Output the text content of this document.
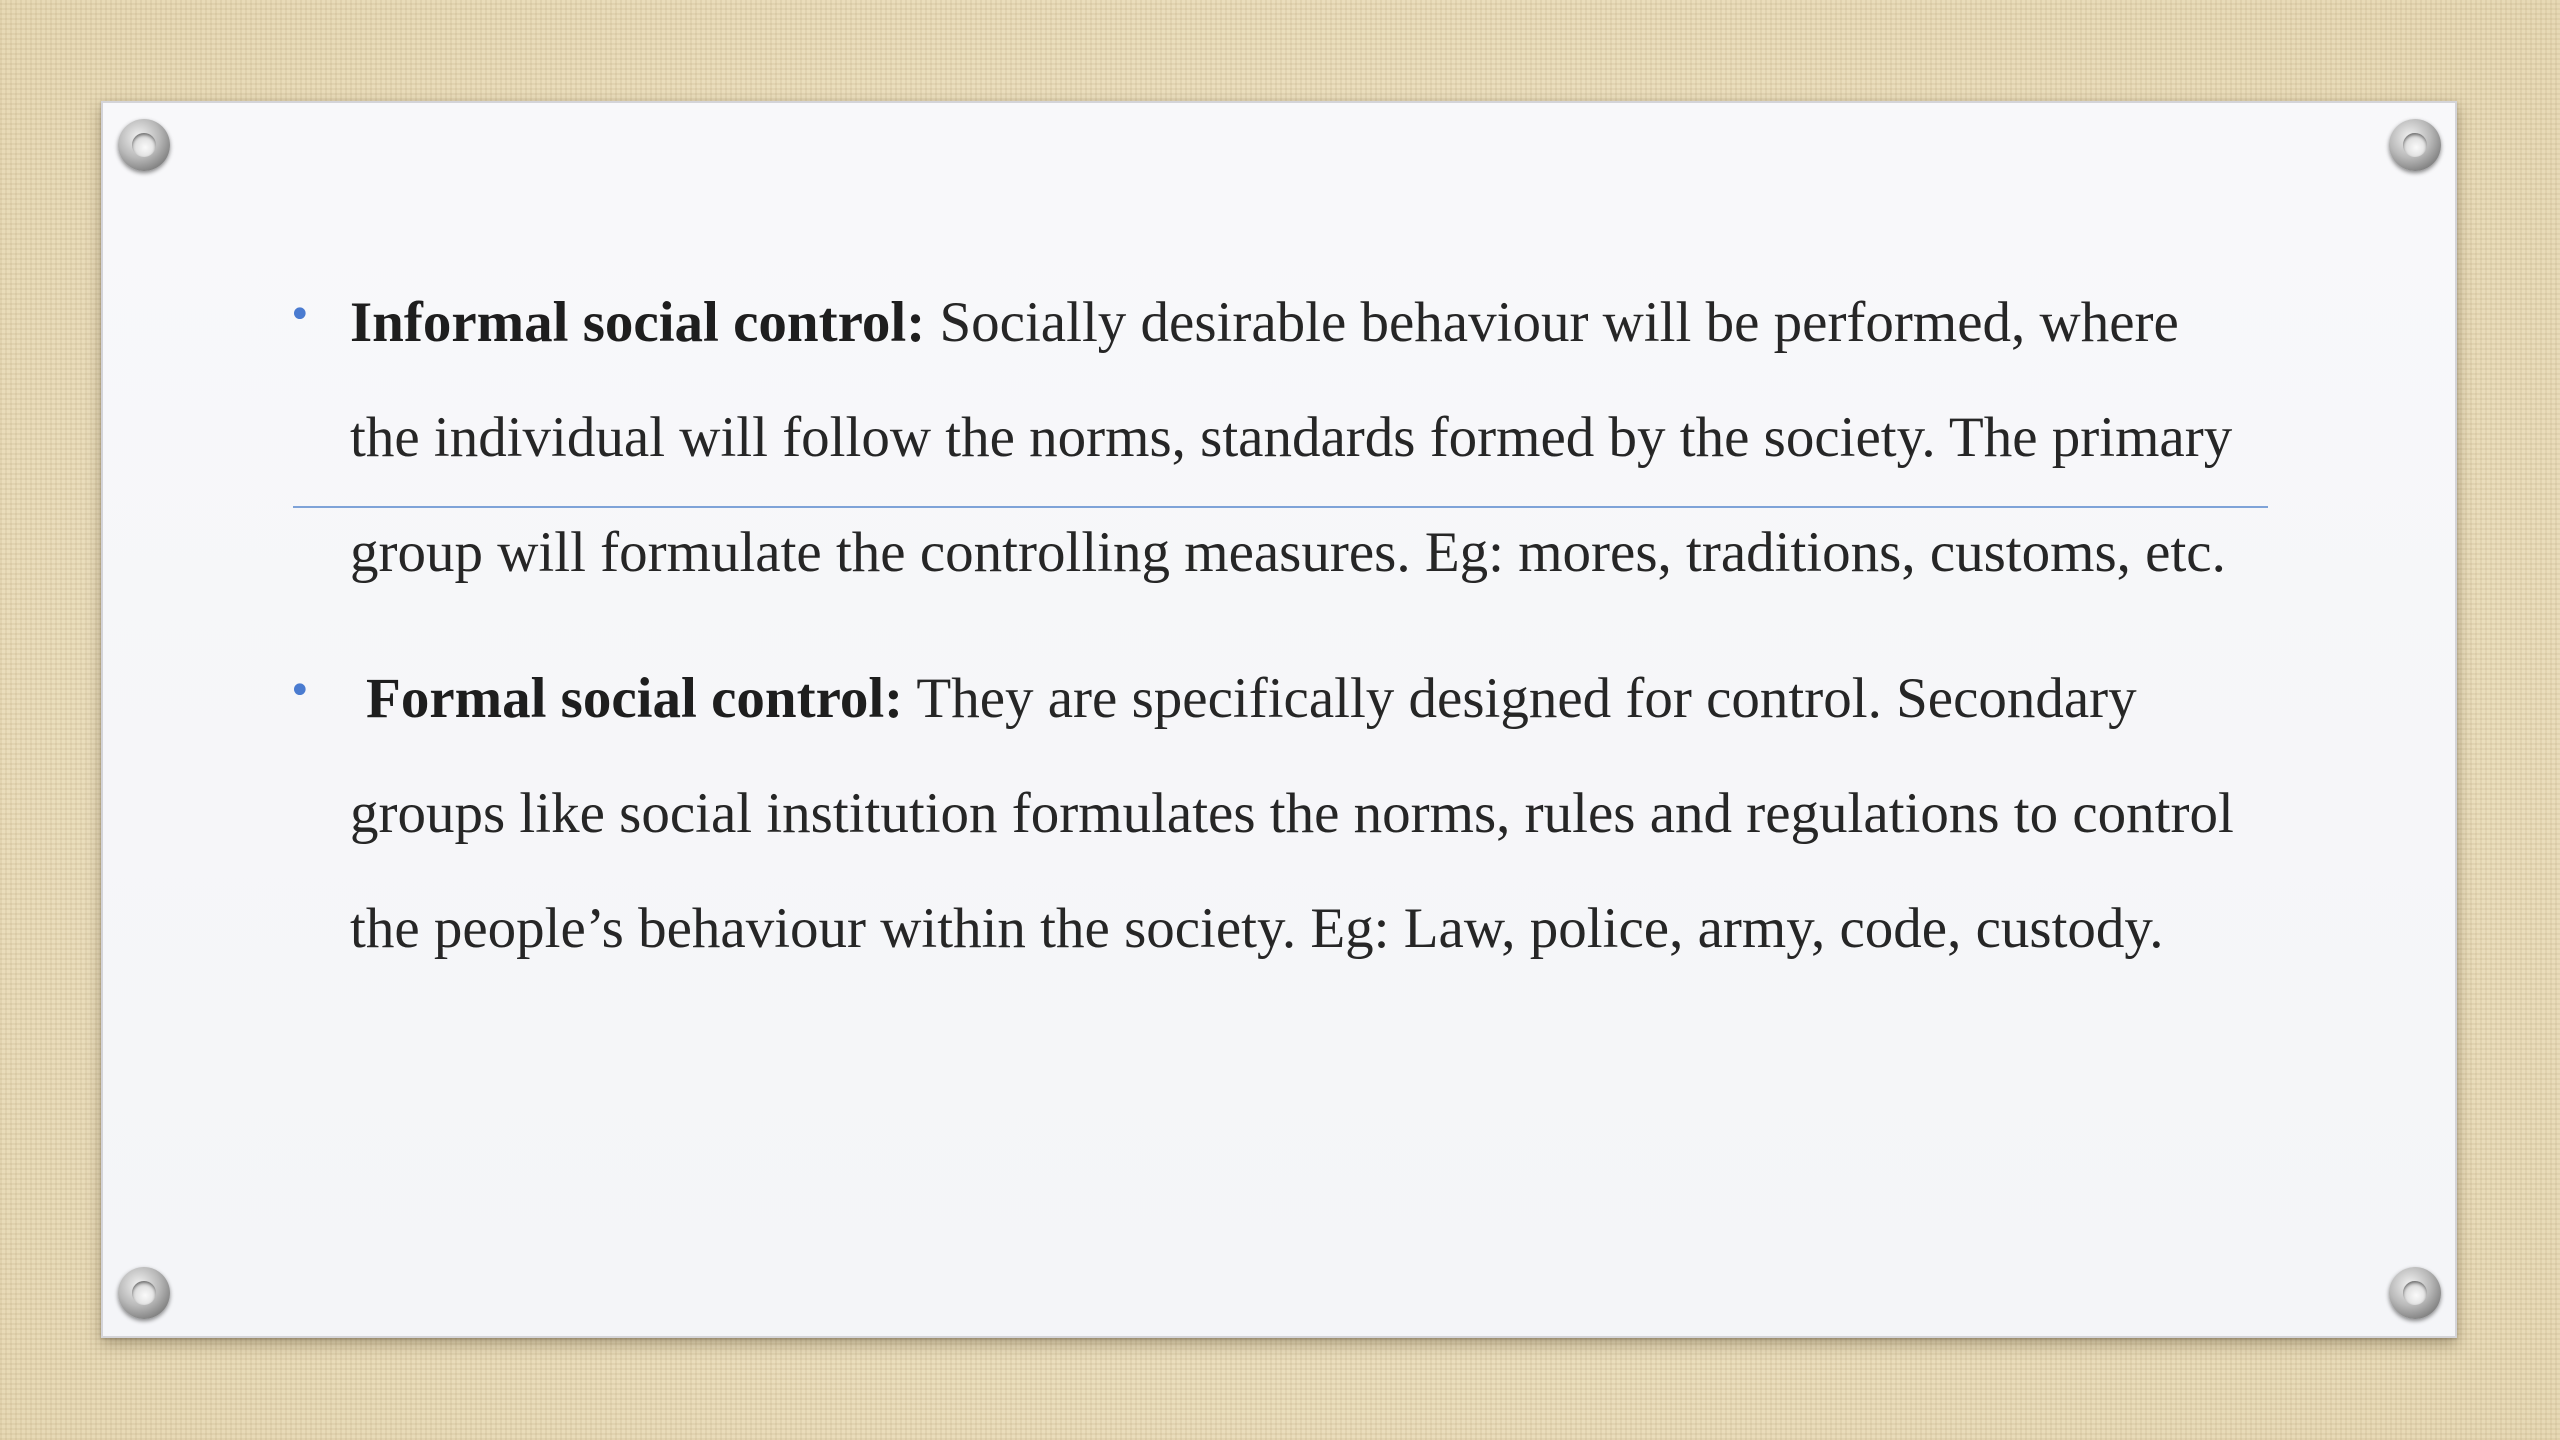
• Informal social control: Socially desirable behaviour will be performed, where the individual will follow the norms, standards formed by the society. The primary group will formulate the controlling measures. Eg: mores, traditions, customs, etc.

• Formal social control: They are specifically designed for control. Secondary groups like social institution formulates the norms, rules and regulations to control the people’s behaviour within the society. Eg: Law, police, army, code, custody.
